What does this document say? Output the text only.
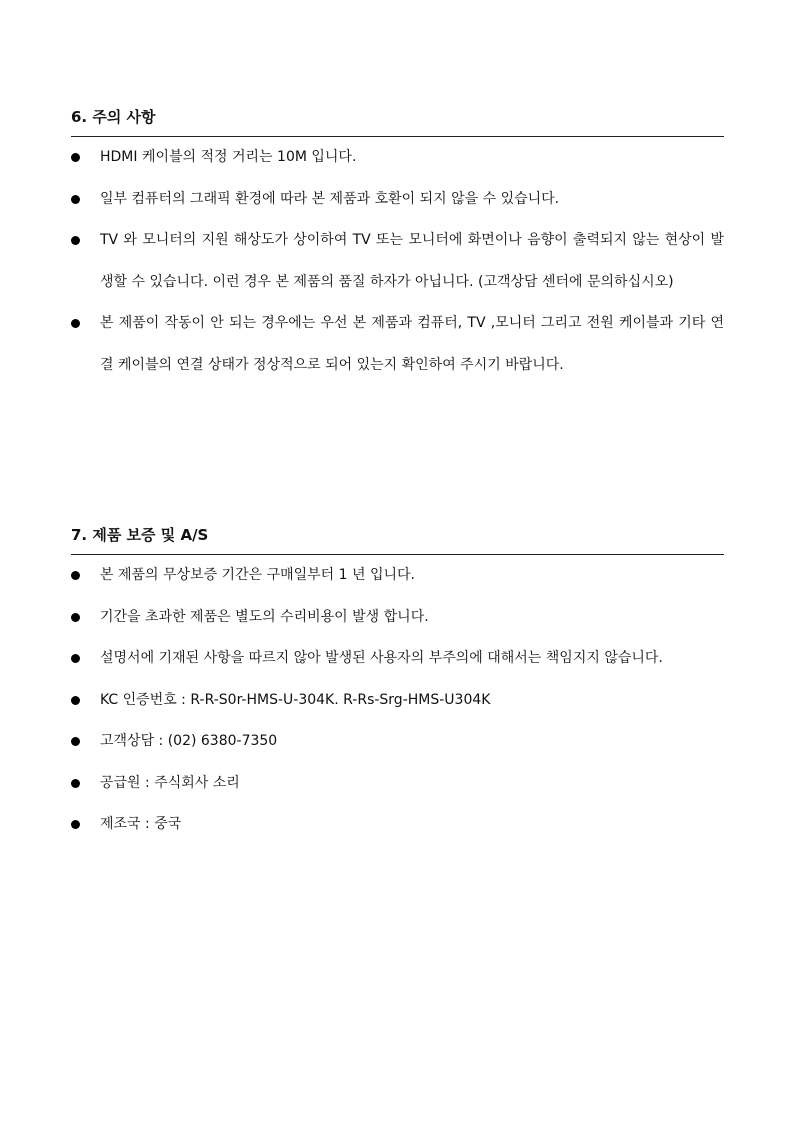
6. 주의 사항
HDMI 케이블의 적정 거리는 10M 입니다.
일부 컴퓨터의 그래픽 환경에 따라 본 제품과 호환이 되지 않을 수 있습니다.
TV 와 모니터의 지원 해상도가 상이하여 TV 또는 모니터에 화면이나 음향이 출력되지 않는 현상이 발생할 수 있습니다. 이런 경우 본 제품의 품질 하자가 아닙니다. (고객상담 센터에 문의하십시오)
본 제품이 작동이 안 되는 경우에는 우선 본 제품과 컴퓨터, TV ,모니터 그리고 전원 케이블과 기타 연결 케이블의 연결 상태가 정상적으로 되어 있는지 확인하여 주시기 바랍니다.
7. 제품 보증 및 A/S
본 제품의 무상보증 기간은 구매일부터 1 년 입니다.
기간을 초과한 제품은 별도의 수리비용이 발생 합니다.
설명서에 기재된 사항을 따르지 않아 발생된 사용자의 부주의에 대해서는 책임지지 않습니다.
KC 인증번호 : R-R-S0r-HMS-U-304K. R-Rs-Srg-HMS-U304K
고객상담 : (02) 6380-7350
공급원 : 주식회사 소리
제조국 : 중국
